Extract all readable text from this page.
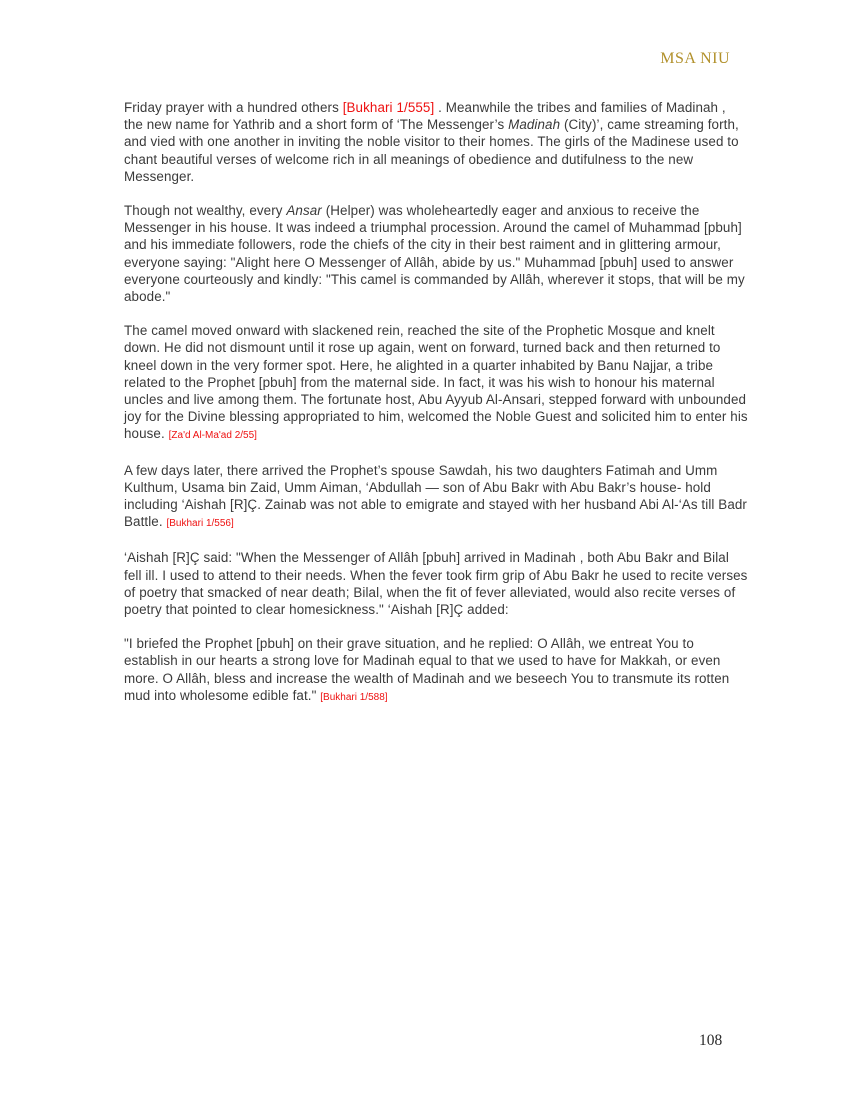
MSA NIU

Friday prayer with a hundred others [Bukhari 1/555] . Meanwhile the tribes and families of Madinah , the new name for Yathrib and a short form of ‘The Messenger’s Madinah (City)’, came streaming forth, and vied with one another in inviting the noble visitor to their homes. The girls of the Madinese used to chant beautiful verses of welcome rich in all meanings of obedience and dutifulness to the new Messenger.

Though not wealthy, every Ansar (Helper) was wholeheartedly eager and anxious to receive the Messenger in his house. It was indeed a triumphal procession. Around the camel of Muhammad [pbuh] and his immediate followers, rode the chiefs of the city in their best raiment and in glittering armour, everyone saying: "Alight here O Messenger of Allâh, abide by us." Muhammad [pbuh] used to answer everyone courteously and kindly: "This camel is commanded by Allâh, wherever it stops, that will be my abode."

The camel moved onward with slackened rein, reached the site of the Prophetic Mosque and knelt down. He did not dismount until it rose up again, went on forward, turned back and then returned to kneel down in the very former spot. Here, he alighted in a quarter inhabited by Banu Najjar, a tribe related to the Prophet [pbuh] from the maternal side. In fact, it was his wish to honour his maternal uncles and live among them. The fortunate host, Abu Ayyub Al-Ansari, stepped forward with unbounded joy for the Divine blessing appropriated to him, welcomed the Noble Guest and solicited him to enter his house. [Za'd Al-Ma'ad 2/55]

A few days later, there arrived the Prophet’s spouse Sawdah, his two daughters Fatimah and Umm Kulthum, Usama bin Zaid, Umm Aiman, ‘Abdullah — son of Abu Bakr with Abu Bakr’s house- hold including ‘Aishah [R]Ç. Zainab was not able to emigrate and stayed with her husband Abi Al-‘As till Badr Battle. [Bukhari 1/556]

‘Aishah [R]Ç said: "When the Messenger of Allâh [pbuh] arrived in Madinah , both Abu Bakr and Bilal fell ill. I used to attend to their needs. When the fever took firm grip of Abu Bakr he used to recite verses of poetry that smacked of near death; Bilal, when the fit of fever alleviated, would also recite verses of poetry that pointed to clear homesickness." ‘Aishah [R]Ç added:

"I briefed the Prophet [pbuh] on their grave situation, and he replied: O Allâh, we entreat You to establish in our hearts a strong love for Madinah equal to that we used to have for Makkah, or even more. O Allâh, bless and increase the wealth of Madinah and we beseech You to transmute its rotten mud into wholesome edible fat." [Bukhari 1/588]

108
